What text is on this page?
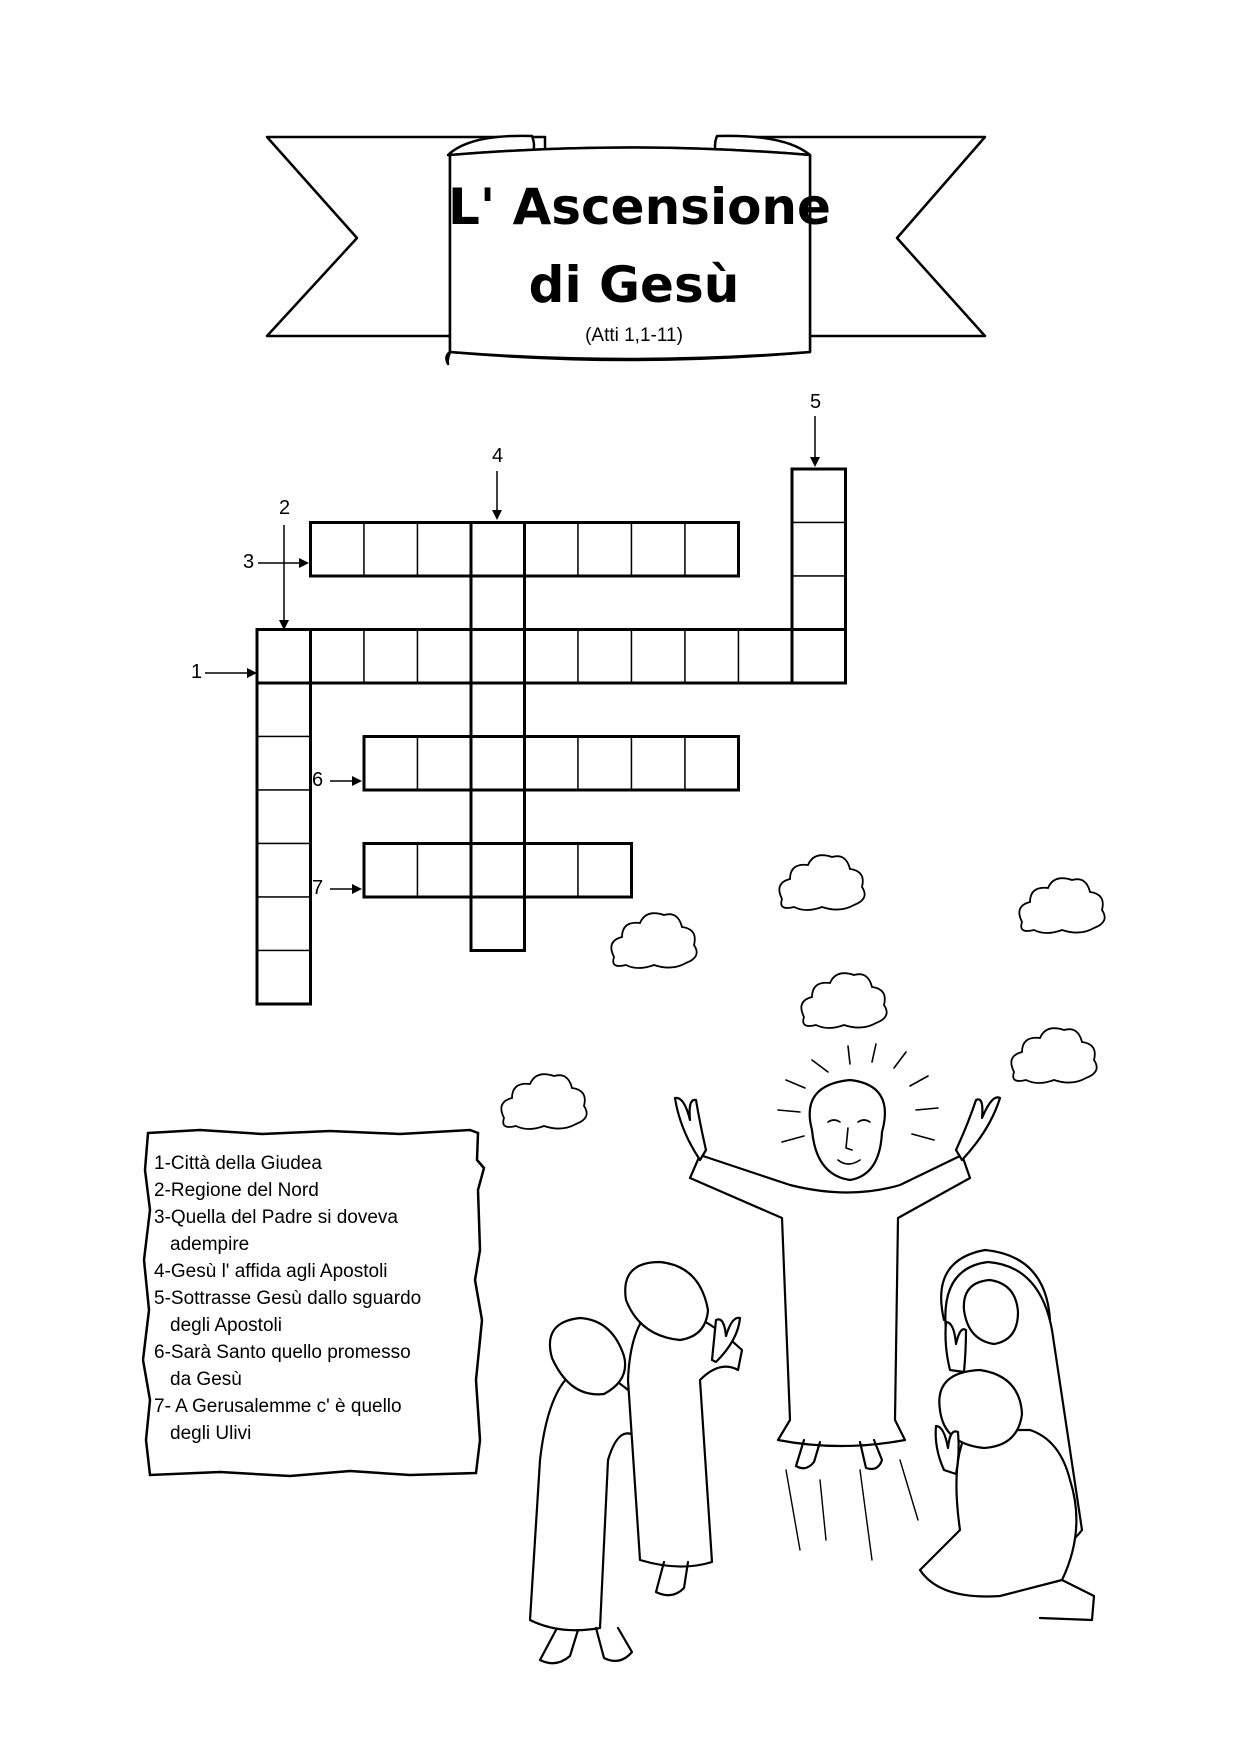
L' Ascensione
di Gesù
(Atti 1,1-11)
1
2
3
4
5
6
7
1-Città della Giudea
2-Regione del Nord
3-Quella del Padre si doveva
adempire
4-Gesù l' affida agli Apostoli
5-Sottrasse Gesù dallo sguardo
degli Apostoli
6-Sarà Santo quello promesso
da Gesù
7- A Gerusalemme c' è quello
degli Ulivi
